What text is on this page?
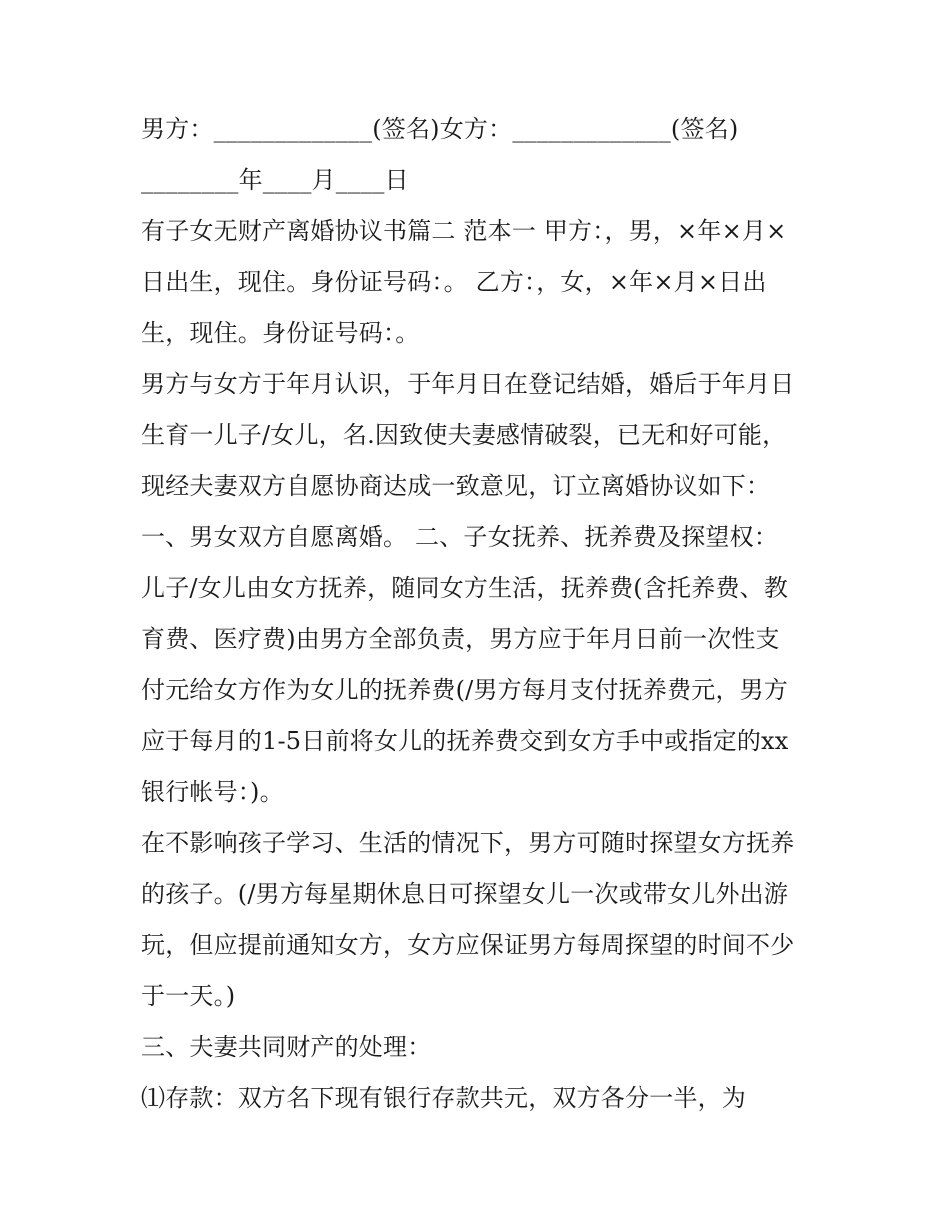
男方：_____________(签名)女方：_____________(签名)
________年____月____日
有子女无财产离婚协议书篇二 范本一 甲方：，男，×年×月×
日出生，现住。身份证号码：。 乙方：，女，×年×月×日出
生，现住。身份证号码：。
男方与女方于年月认识，于年月日在登记结婚，婚后于年月日
生育一儿子/女儿，名.因致使夫妻感情破裂，已无和好可能，
现经夫妻双方自愿协商达成一致意见，订立离婚协议如下：
一、男女双方自愿离婚。 二、子女抚养、抚养费及探望权：
儿子/女儿由女方抚养，随同女方生活，抚养费(含托养费、教
育费、医疗费)由男方全部负责，男方应于年月日前一次性支
付元给女方作为女儿的抚养费(/男方每月支付抚养费元，男方
应于每月的1-5日前将女儿的抚养费交到女方手中或指定的xx
银行帐号：)。
在不影响孩子学习、生活的情况下，男方可随时探望女方抚养
的孩子。(/男方每星期休息日可探望女儿一次或带女儿外出游
玩，但应提前通知女方，女方应保证男方每周探望的时间不少
于一天。)
三、夫妻共同财产的处理：
⑴存款：双方名下现有银行存款共元，双方各分一半，为
